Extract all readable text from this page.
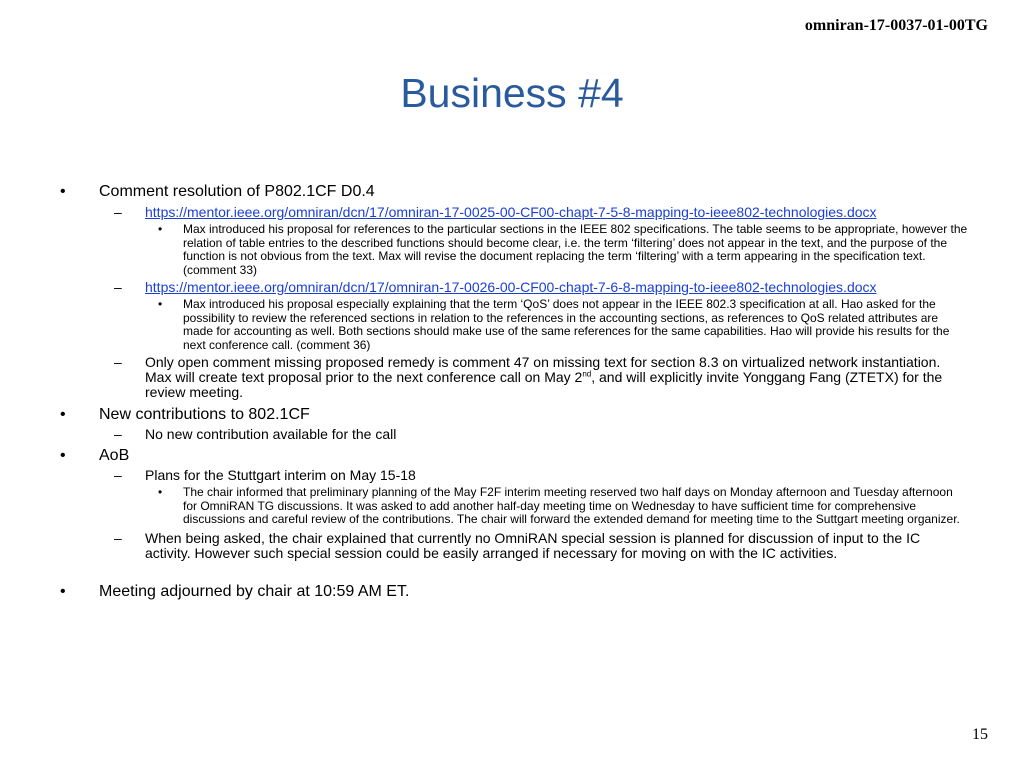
omniran-17-0037-01-00TG
Business #4
• Comment resolution of P802.1CF D0.4
– https://mentor.ieee.org/omniran/dcn/17/omniran-17-0025-00-CF00-chapt-7-5-8-mapping-to-ieee802-technologies.docx
• Max introduced his proposal for references to the particular sections in the IEEE 802 specifications. The table seems to be appropriate, however the relation of table entries to the described functions should become clear, i.e. the term ‘filtering’ does not appear in the text, and the purpose of the function is not obvious from the text. Max will revise the document replacing the term ‘filtering’ with a term appearing in the specification text. (comment 33)
– https://mentor.ieee.org/omniran/dcn/17/omniran-17-0026-00-CF00-chapt-7-6-8-mapping-to-ieee802-technologies.docx
• Max introduced his proposal especially explaining that the term ‘QoS’ does not appear in the IEEE 802.3 specification at all. Hao asked for the possibility to review the referenced sections in relation to the references in the accounting sections, as references to QoS related attributes are made for accounting as well. Both sections should make use of the same references for the same capabilities. Hao will provide his results for the next conference call. (comment 36)
– Only open comment missing proposed remedy is comment 47 on missing text for section 8.3 on virtualized network instantiation. Max will create text proposal prior to the next conference call on May 2nd, and will explicitly invite Yonggang Fang (ZTETX) for the review meeting.
• New contributions to 802.1CF
– No new contribution available for the call
• AoB
– Plans for the Stuttgart interim on May 15-18
• The chair informed that preliminary planning of the May F2F interim meeting reserved two half days on Monday afternoon and Tuesday afternoon for OmniRAN TG discussions. It was asked to add another half-day meeting time on Wednesday to have sufficient time for comprehensive discussions and careful review of the contributions. The chair will forward the extended demand for meeting time to the Suttgart meeting organizer.
– When being asked, the chair explained that currently no OmniRAN special session is planned for discussion of input to the IC activity. However such special session could be easily arranged if necessary for moving on with the IC activities.
• Meeting adjourned by chair at 10:59 AM ET.
15
